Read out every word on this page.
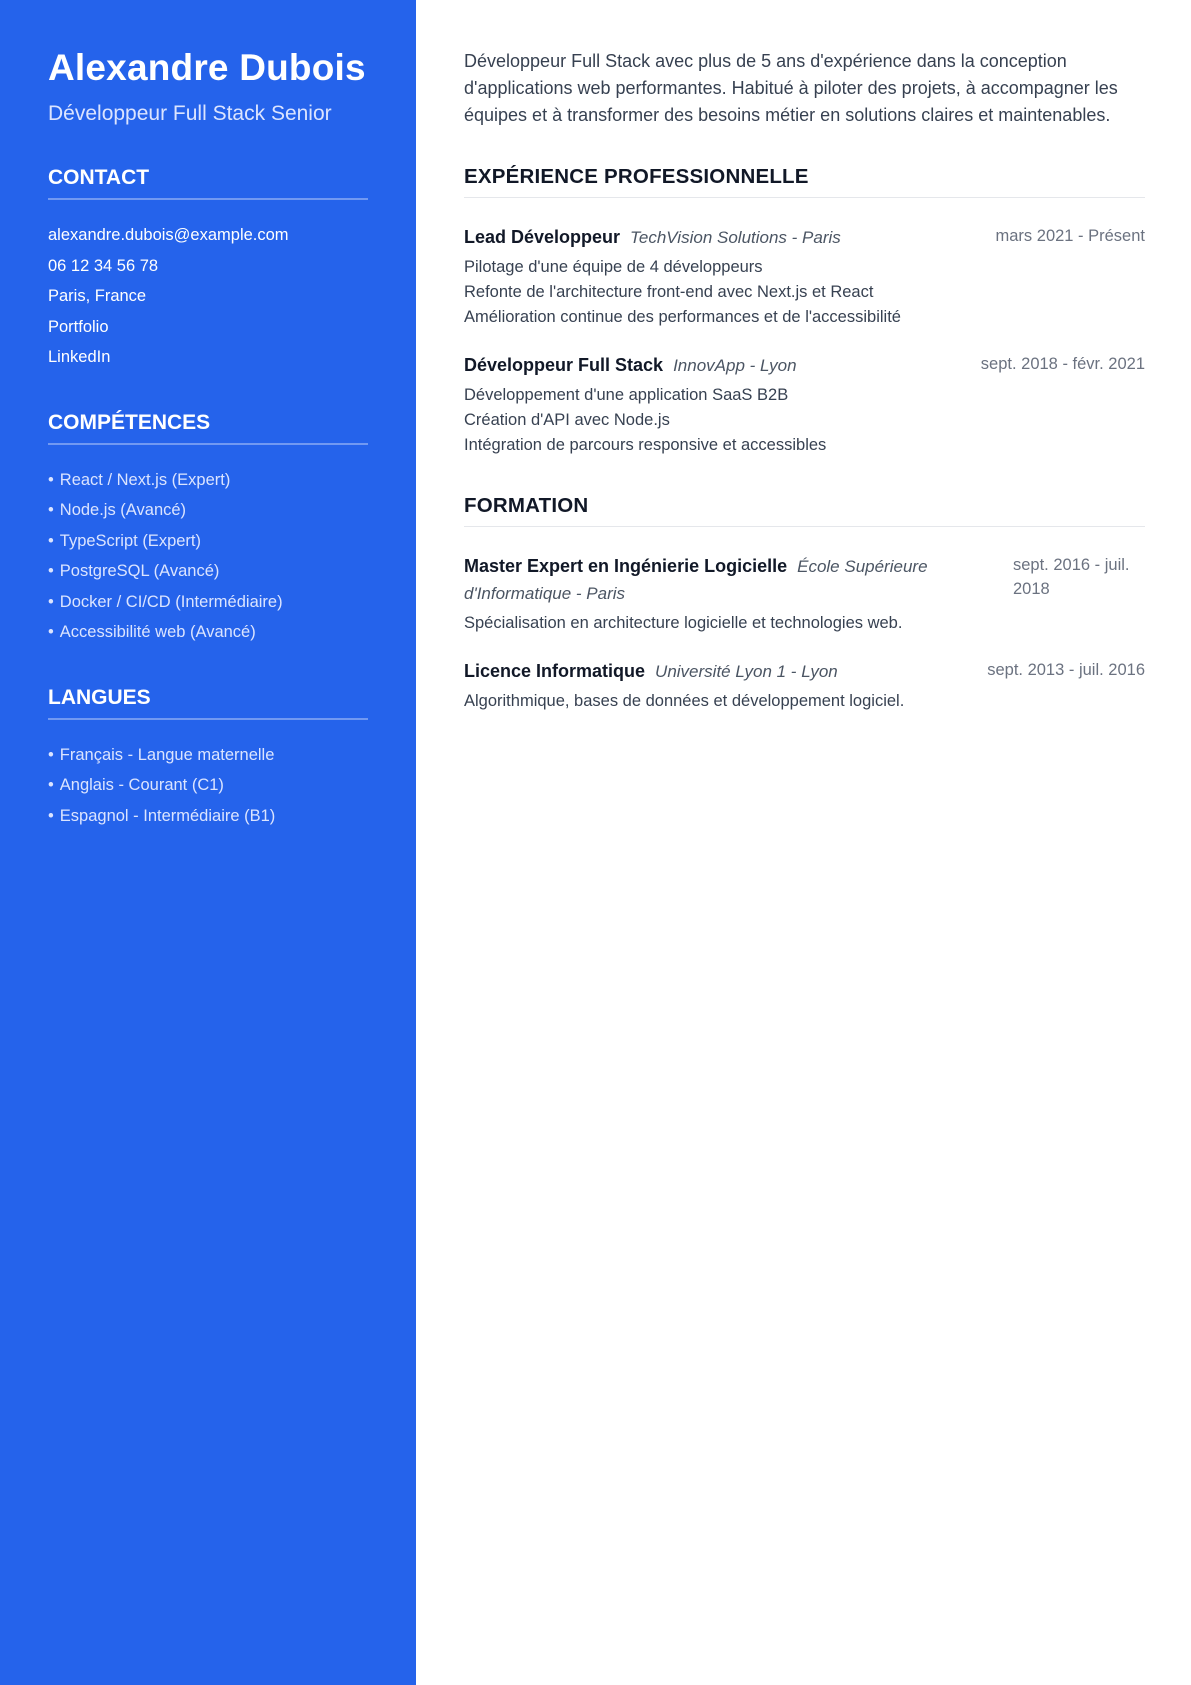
Alexandre Dubois

Développeur Full Stack Senior

CONTACT
alexandre.dubois@example.com
06 12 34 56 78
Paris, France
Portfolio
LinkedIn
COMPÉTENCES
• React / Next.js (Expert)
• Node.js (Avancé)
• TypeScript (Expert)
• PostgreSQL (Avancé)
• Docker / CI/CD (Intermédiaire)
• Accessibilité web (Avancé)
LANGUES
• Français - Langue maternelle
• Anglais - Courant (C1)
• Espagnol - Intermédiaire (B1)

Développeur Full Stack avec plus de 5 ans d'expérience dans la conception d'applications web performantes. Habitué à piloter des projets, à accompagner les équipes et à transformer des besoins métier en solutions claires et maintenables.

EXPÉRIENCE PROFESSIONNELLE
Lead Développeur TechVision Solutions - Paris	mars 2021 - Présent
Pilotage d'une équipe de 4 développeurs
Refonte de l'architecture front-end avec Next.js et React
Amélioration continue des performances et de l'accessibilité
Développeur Full Stack InnovApp - Lyon	sept. 2018 - févr. 2021
Développement d'une application SaaS B2B
Création d'API avec Node.js
Intégration de parcours responsive et accessibles
FORMATION
Master Expert en Ingénierie Logicielle École Supérieure d'Informatique - Paris
sept. 2016 - juil. 2018
Spécialisation en architecture logicielle et technologies web.
Licence Informatique Université Lyon 1 - Lyon	sept. 2013 - juil. 2016
Algorithmique, bases de données et développement logiciel.
